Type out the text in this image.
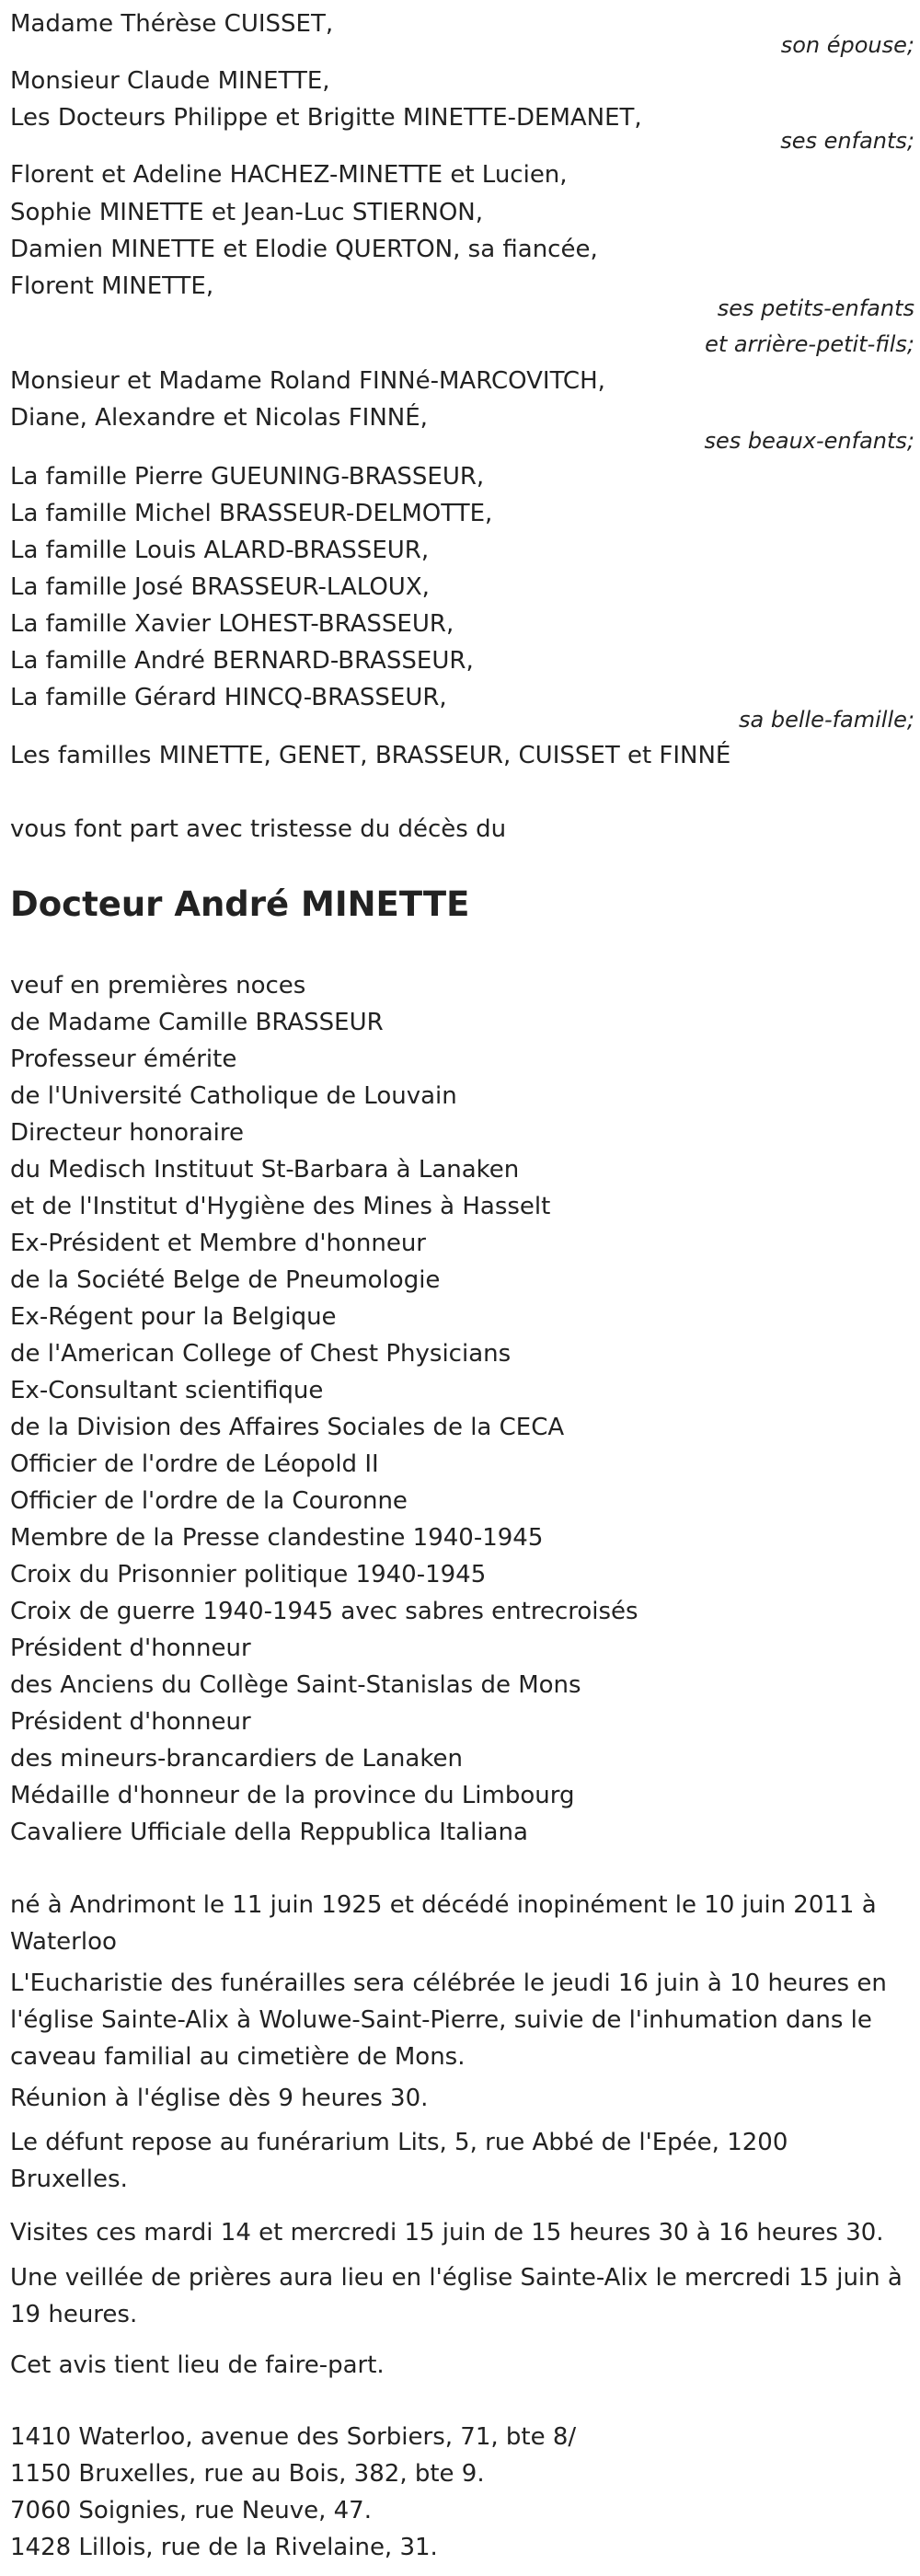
Madame Thérèse CUISSET,
son épouse;
Monsieur Claude MINETTE,
Les Docteurs Philippe et Brigitte MINETTE-DEMANET,
ses enfants;
Florent et Adeline HACHEZ-MINETTE et Lucien,
Sophie MINETTE et Jean-Luc STIERNON,
Damien MINETTE et Elodie QUERTON, sa fiancée,
Florent MINETTE,
ses petits-enfants
et arrière-petit-fils;
Monsieur et Madame Roland FINNé-MARCOVITCH,
Diane, Alexandre et Nicolas FINNÉ,
ses beaux-enfants;
La famille Pierre GUEUNING-BRASSEUR,
La famille Michel BRASSEUR-DELMOTTE,
La famille Louis ALARD-BRASSEUR,
La famille José BRASSEUR-LALOUX,
La famille Xavier LOHEST-BRASSEUR,
La famille André BERNARD-BRASSEUR,
La famille Gérard HINCQ-BRASSEUR,
sa belle-famille;
Les familles MINETTE, GENET, BRASSEUR, CUISSET et FINNÉ
vous font part avec tristesse du décès du
Docteur André MINETTE
veuf en premières noces
de Madame Camille BRASSEUR
Professeur émérite
de l'Université Catholique de Louvain
Directeur honoraire
du Medisch Instituut St-Barbara à Lanaken
et de l'Institut d'Hygiène des Mines à Hasselt
Ex-Président et Membre d'honneur
de la Société Belge de Pneumologie
Ex-Régent pour la Belgique
de l'American College of Chest Physicians
Ex-Consultant scientifique
de la Division des Affaires Sociales de la CECA
Officier de l'ordre de Léopold II
Officier de l'ordre de la Couronne
Membre de la Presse clandestine 1940-1945
Croix du Prisonnier politique 1940-1945
Croix de guerre 1940-1945 avec sabres entrecroisés
Président d'honneur
des Anciens du Collège Saint-Stanislas de Mons
Président d'honneur
des mineurs-brancardiers de Lanaken
Médaille d'honneur de la province du Limbourg
Cavaliere Ufficiale della Reppublica Italiana
né à Andrimont le 11 juin 1925 et décédé inopinément le 10 juin 2011 à Waterloo
L'Eucharistie des funérailles sera célébrée le jeudi 16 juin à 10 heures en l'église Sainte-Alix à Woluwe-Saint-Pierre, suivie de l'inhumation dans le caveau familial au cimetière de Mons.
Réunion à l'église dès 9 heures 30.
Le défunt repose au funérarium Lits, 5, rue Abbé de l'Epée, 1200 Bruxelles.
Visites ces mardi 14 et mercredi 15 juin de 15 heures 30 à 16 heures 30.
Une veillée de prières aura lieu en l'église Sainte-Alix le mercredi 15 juin à 19 heures.
Cet avis tient lieu de faire-part.
1410 Waterloo, avenue des Sorbiers, 71, bte 8/
1150 Bruxelles, rue au Bois, 382, bte 9.
7060 Soignies, rue Neuve, 47.
1428 Lillois, rue de la Rivelaine, 31.
